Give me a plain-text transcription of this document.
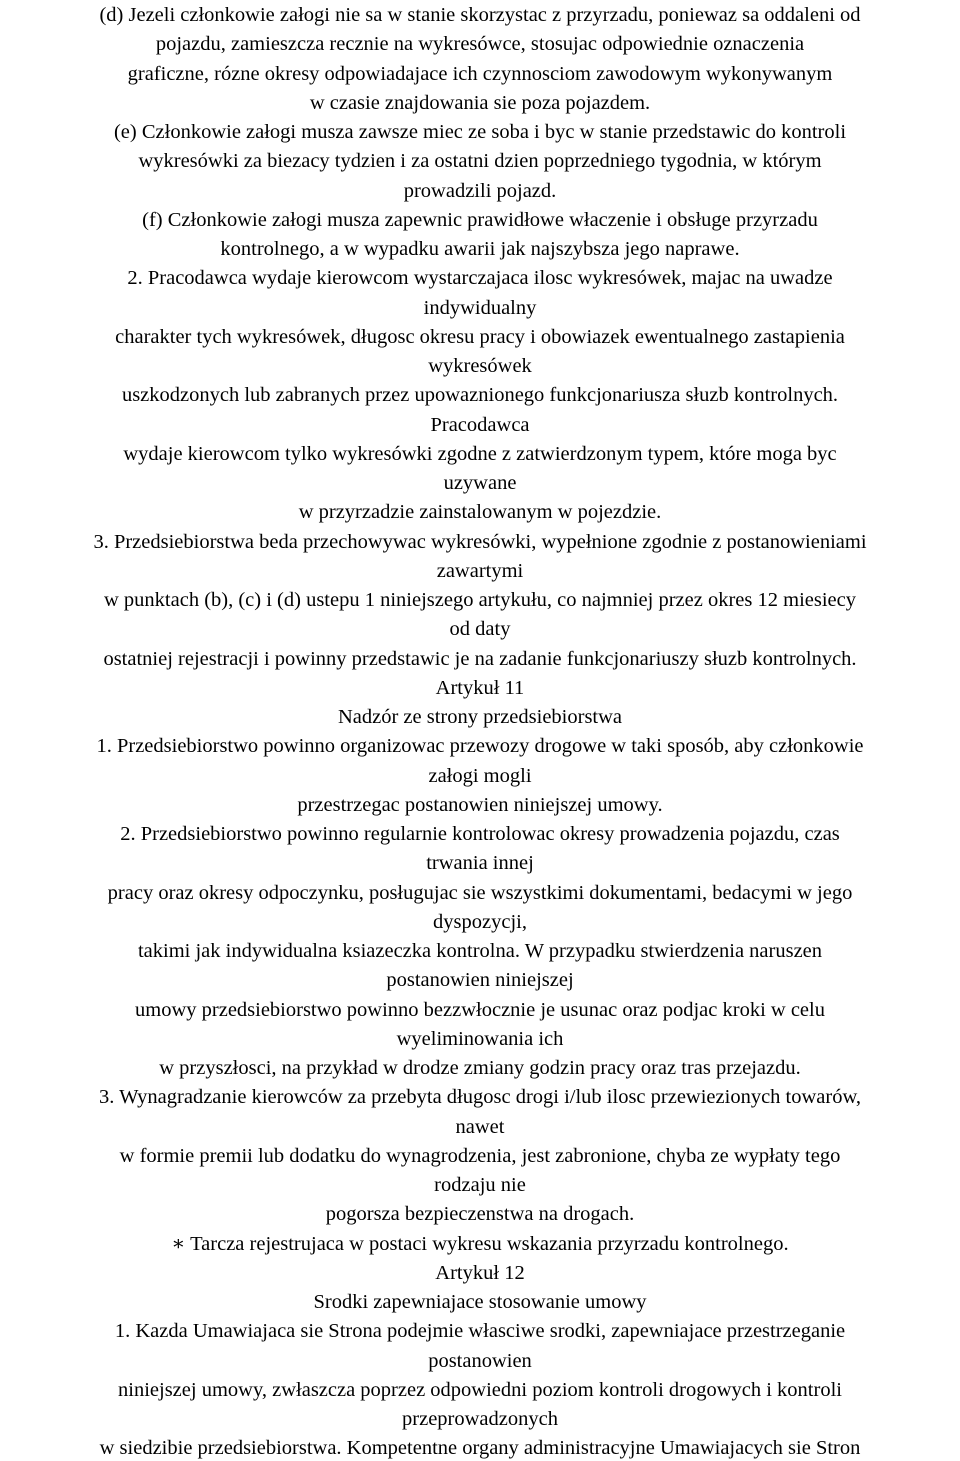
(d) Jezeli członkowie załogi nie sa w stanie skorzystac z przyrzadu, poniewaz sa oddaleni od
pojazdu, zamieszcza recznie na wykresówce, stosujac odpowiednie oznaczenia
graficzne, rózne okresy odpowiadajace ich czynnosciom zawodowym wykonywanym
w czasie znajdowania sie poza pojazdem.
(e) Członkowie załogi musza zawsze miec ze soba i byc w stanie przedstawic do kontroli
wykresówki za biezacy tydzien i za ostatni dzien poprzedniego tygodnia, w którym
prowadzili pojazd.
(f) Członkowie załogi musza zapewnic prawidłowe właczenie i obsługe przyrzadu
kontrolnego, a w wypadku awarii jak najszybsza jego naprawe.
2. Pracodawca wydaje kierowcom wystarczajaca ilosc wykresówek, majac na uwadze
indywidualny
charakter tych wykresówek, długosc okresu pracy i obowiazek ewentualnego zastapienia
wykresówek
uszkodzonych lub zabranych przez upowaznionego funkcjonariusza słuzb kontrolnych.
Pracodawca
wydaje kierowcom tylko wykresówki zgodne z zatwierdzonym typem, które moga byc
uzywane
w przyrzadzie zainstalowanym w pojezdzie.
3. Przedsiebiorstwa beda przechowywac wykresówki, wypełnione zgodnie z postanowieniami
zawartymi
w punktach (b), (c) i (d) ustepu 1 niniejszego artykułu, co najmniej przez okres 12 miesiecy
od daty
ostatniej rejestracji i powinny przedstawic je na zadanie funkcjonariuszy słuzb kontrolnych.
Artykuł 11
Nadzór ze strony przedsiebiorstwa
1. Przedsiebiorstwo powinno organizowac przewozy drogowe w taki sposób, aby członkowie
załogi mogli
przestrzegac postanowien niniejszej umowy.
2. Przedsiebiorstwo powinno regularnie kontrolowac okresy prowadzenia pojazdu, czas
trwania innej
pracy oraz okresy odpoczynku, posługujac sie wszystkimi dokumentami, bedacymi w jego
dyspozycji,
takimi jak indywidualna ksiazeczka kontrolna. W przypadku stwierdzenia naruszen
postanowien niniejszej
umowy przedsiebiorstwo powinno bezzwłocznie je usunac oraz podjac kroki w celu
wyeliminowania ich
w przyszłosci, na przykład w drodze zmiany godzin pracy oraz tras przejazdu.
3. Wynagradzanie kierowców za przebyta długosc drogi i/lub ilosc przewiezionych towarów,
nawet
w formie premii lub dodatku do wynagrodzenia, jest zabronione, chyba ze wypłaty tego
rodzaju nie
pogorsza bezpieczenstwa na drogach.
∗ Tarcza rejestrujaca w postaci wykresu wskazania przyrzadu kontrolnego.
Artykuł 12
Srodki zapewniajace stosowanie umowy
1. Kazda Umawiajaca sie Strona podejmie własciwe srodki, zapewniajace przestrzeganie
postanowien
niniejszej umowy, zwłaszcza poprzez odpowiedni poziom kontroli drogowych i kontroli
przeprowadzonych
w siedzibie przedsiebiorstwa. Kompetentne organy administracyjne Umawiajacych sie Stron
